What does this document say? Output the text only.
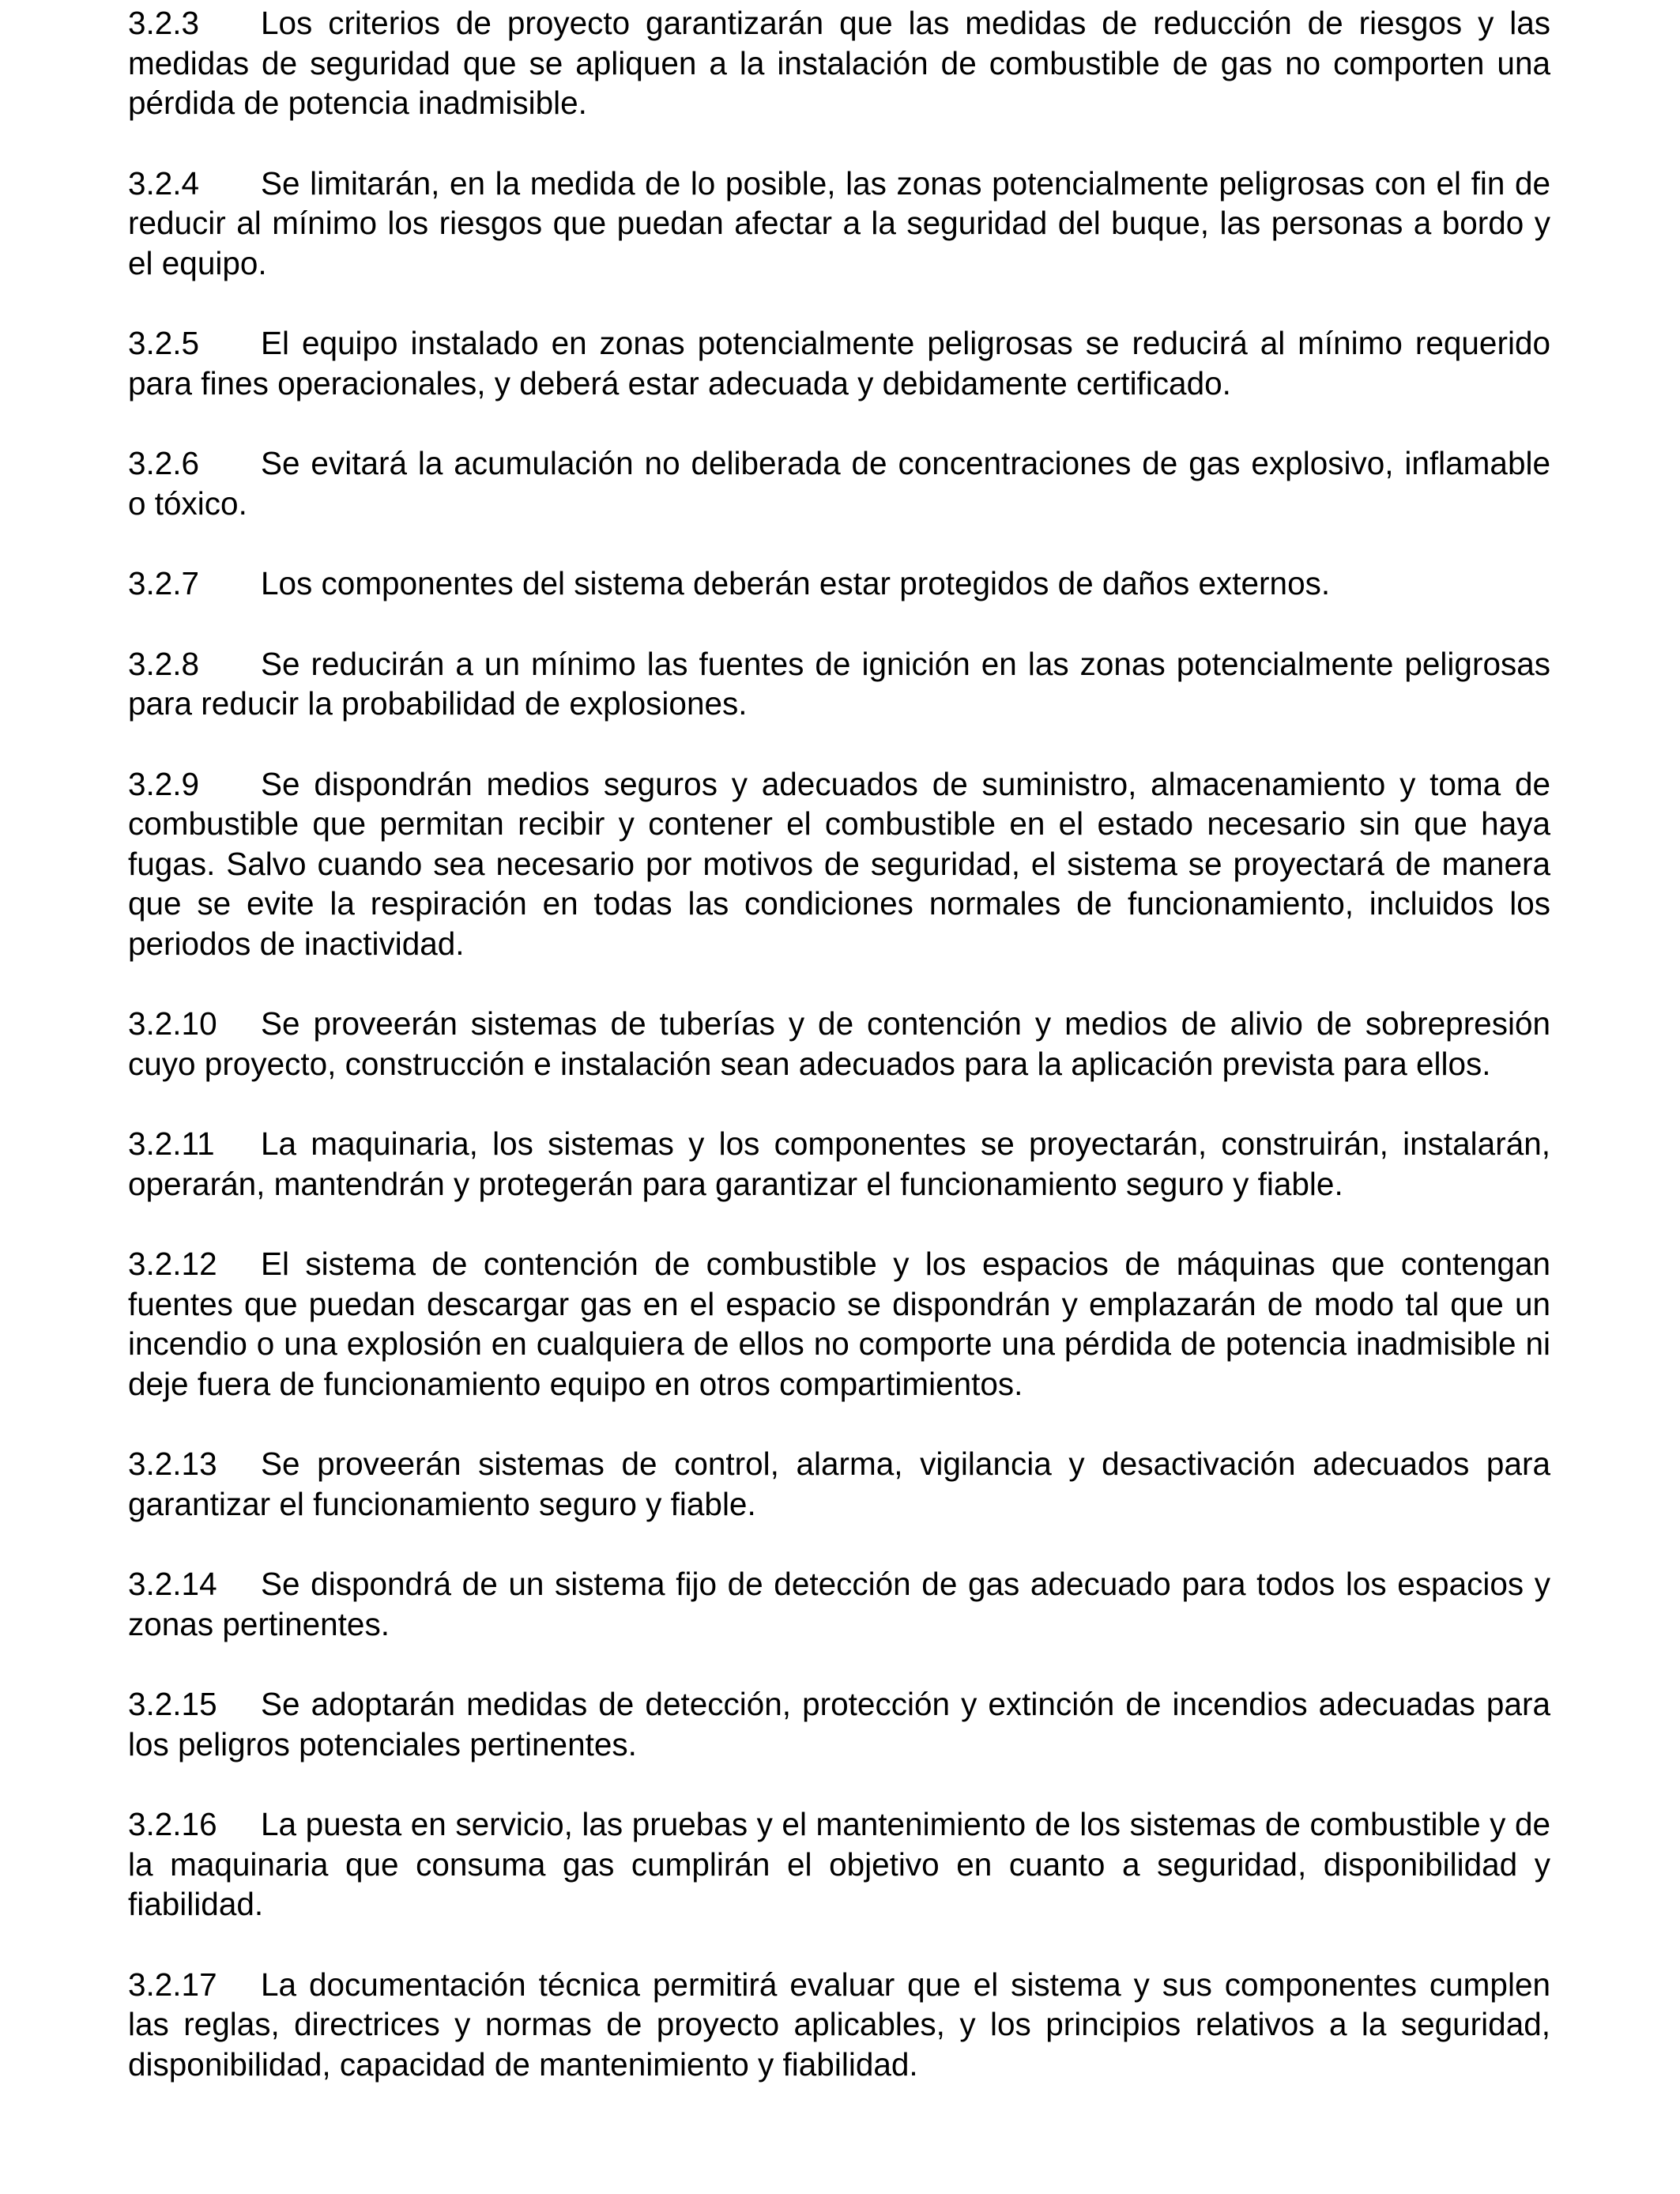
3.2.3 Los criterios de proyecto garantizarán que las medidas de reducción de riesgos y las medidas de seguridad que se apliquen a la instalación de combustible de gas no comporten una pérdida de potencia inadmisible.

3.2.4 Se limitarán, en la medida de lo posible, las zonas potencialmente peligrosas con el fin de reducir al mínimo los riesgos que puedan afectar a la seguridad del buque, las personas a bordo y el equipo.

3.2.5 El equipo instalado en zonas potencialmente peligrosas se reducirá al mínimo requerido para fines operacionales, y deberá estar adecuada y debidamente certificado.

3.2.6 Se evitará la acumulación no deliberada de concentraciones de gas explosivo, inflamable o tóxico.

3.2.7 Los componentes del sistema deberán estar protegidos de daños externos.

3.2.8 Se reducirán a un mínimo las fuentes de ignición en las zonas potencialmente peligrosas para reducir la probabilidad de explosiones.

3.2.9 Se dispondrán medios seguros y adecuados de suministro, almacenamiento y toma de combustible que permitan recibir y contener el combustible en el estado necesario sin que haya fugas. Salvo cuando sea necesario por motivos de seguridad, el sistema se proyectará de manera que se evite la respiración en todas las condiciones normales de funcionamiento, incluidos los periodos de inactividad.

3.2.10 Se proveerán sistemas de tuberías y de contención y medios de alivio de sobrepresión cuyo proyecto, construcción e instalación sean adecuados para la aplicación prevista para ellos.

3.2.11 La maquinaria, los sistemas y los componentes se proyectarán, construirán, instalarán, operarán, mantendrán y protegerán para garantizar el funcionamiento seguro y fiable.

3.2.12 El sistema de contención de combustible y los espacios de máquinas que contengan fuentes que puedan descargar gas en el espacio se dispondrán y emplazarán de modo tal que un incendio o una explosión en cualquiera de ellos no comporte una pérdida de potencia inadmisible ni deje fuera de funcionamiento equipo en otros compartimientos.

3.2.13 Se proveerán sistemas de control, alarma, vigilancia y desactivación adecuados para garantizar el funcionamiento seguro y fiable.

3.2.14 Se dispondrá de un sistema fijo de detección de gas adecuado para todos los espacios y zonas pertinentes.

3.2.15 Se adoptarán medidas de detección, protección y extinción de incendios adecuadas para los peligros potenciales pertinentes.

3.2.16 La puesta en servicio, las pruebas y el mantenimiento de los sistemas de combustible y de la maquinaria que consuma gas cumplirán el objetivo en cuanto a seguridad, disponibilidad y fiabilidad.

3.2.17 La documentación técnica permitirá evaluar que el sistema y sus componentes cumplen las reglas, directrices y normas de proyecto aplicables, y los principios relativos a la seguridad, disponibilidad, capacidad de mantenimiento y fiabilidad.
